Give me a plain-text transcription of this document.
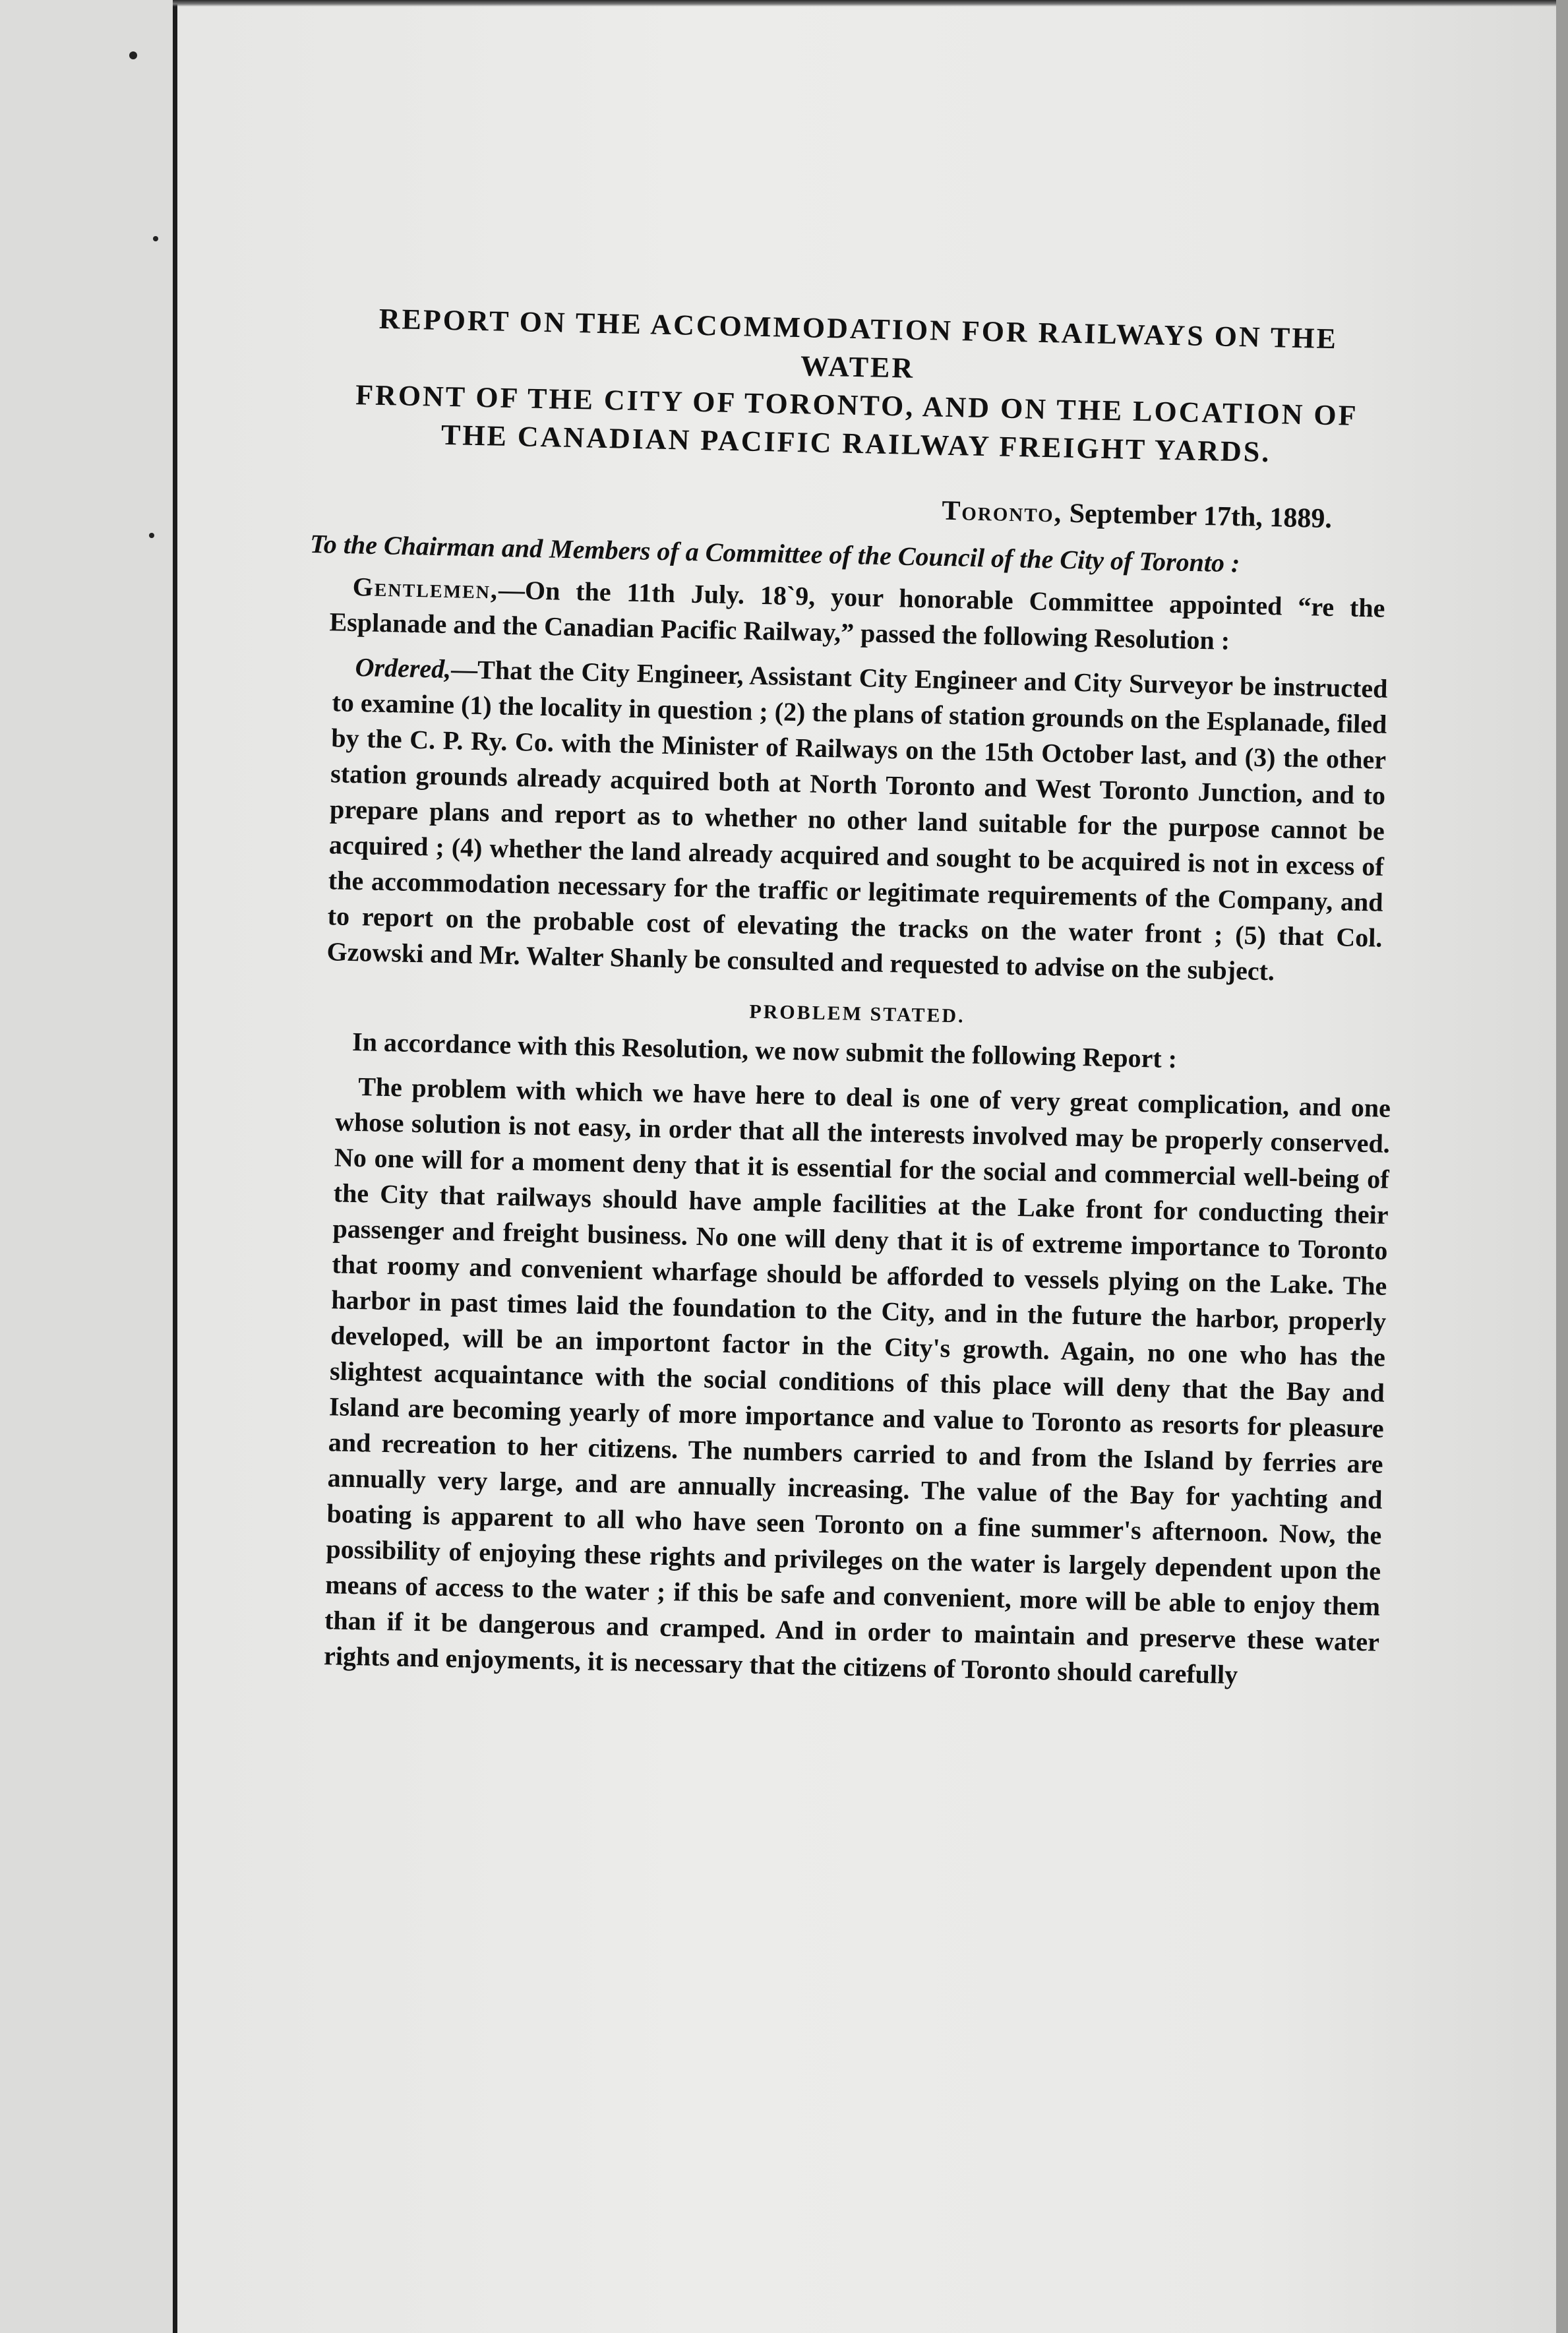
REPORT ON THE ACCOMMODATION FOR RAILWAYS ON THE WATER
FRONT OF THE CITY OF TORONTO, AND ON THE LOCATION OF
THE CANADIAN PACIFIC RAILWAY FREIGHT YARDS.
Toronto, September 17th, 1889.
To the Chairman and Members of a Committee of the Council of the City of Toronto :

Gentlemen,—On the 11th July. 18`9, your honorable Committee appointed “re the Esplanade and the Canadian Pacific Railway,” passed the following Resolution :

Ordered,—That the City Engineer, Assistant City Engineer and City Surveyor be instructed to examine (1) the locality in question ; (2) the plans of station grounds on the Esplanade, filed by the C. P. Ry. Co. with the Minister of Railways on the 15th October last, and (3) the other station grounds already acquired both at North Toronto and West Toronto Junction, and to prepare plans and report as to whether no other land suitable for the purpose cannot be acquired ; (4) whether the land already acquired and sought to be acquired is not in excess of the accommodation necessary for the traffic or legitimate requirements of the Company, and to report on the probable cost of elevating the tracks on the water front ; (5) that Col. Gzowski and Mr. Walter Shanly be consulted and requested to advise on the subject.

PROBLEM STATED.

In accordance with this Resolution, we now submit the following Report :

The problem with which we have here to deal is one of very great complication, and one whose solution is not easy, in order that all the interests involved may be properly conserved. No one will for a moment deny that it is essential for the social and commercial well-being of the City that railways should have ample facilities at the Lake front for conducting their passenger and freight business. No one will deny that it is of extreme importance to Toronto that roomy and convenient wharfage should be afforded to vessels plying on the Lake. The harbor in past times laid the foundation to the City, and in the future the harbor, properly developed, will be an importont factor in the City's growth. Again, no one who has the slightest acquaintance with the social conditions of this place will deny that the Bay and Island are becoming yearly of more importance and value to Toronto as resorts for pleasure and recreation to her citizens. The numbers carried to and from the Island by ferries are annually very large, and are annually increasing. The value of the Bay for yachting and boating is apparent to all who have seen Toronto on a fine summer's afternoon. Now, the possibility of enjoying these rights and privileges on the water is largely dependent upon the means of access to the water ; if this be safe and convenient, more will be able to enjoy them than if it be dangerous and cramped. And in order to maintain and preserve these water rights and enjoyments, it is necessary that the citizens of Toronto should carefully
